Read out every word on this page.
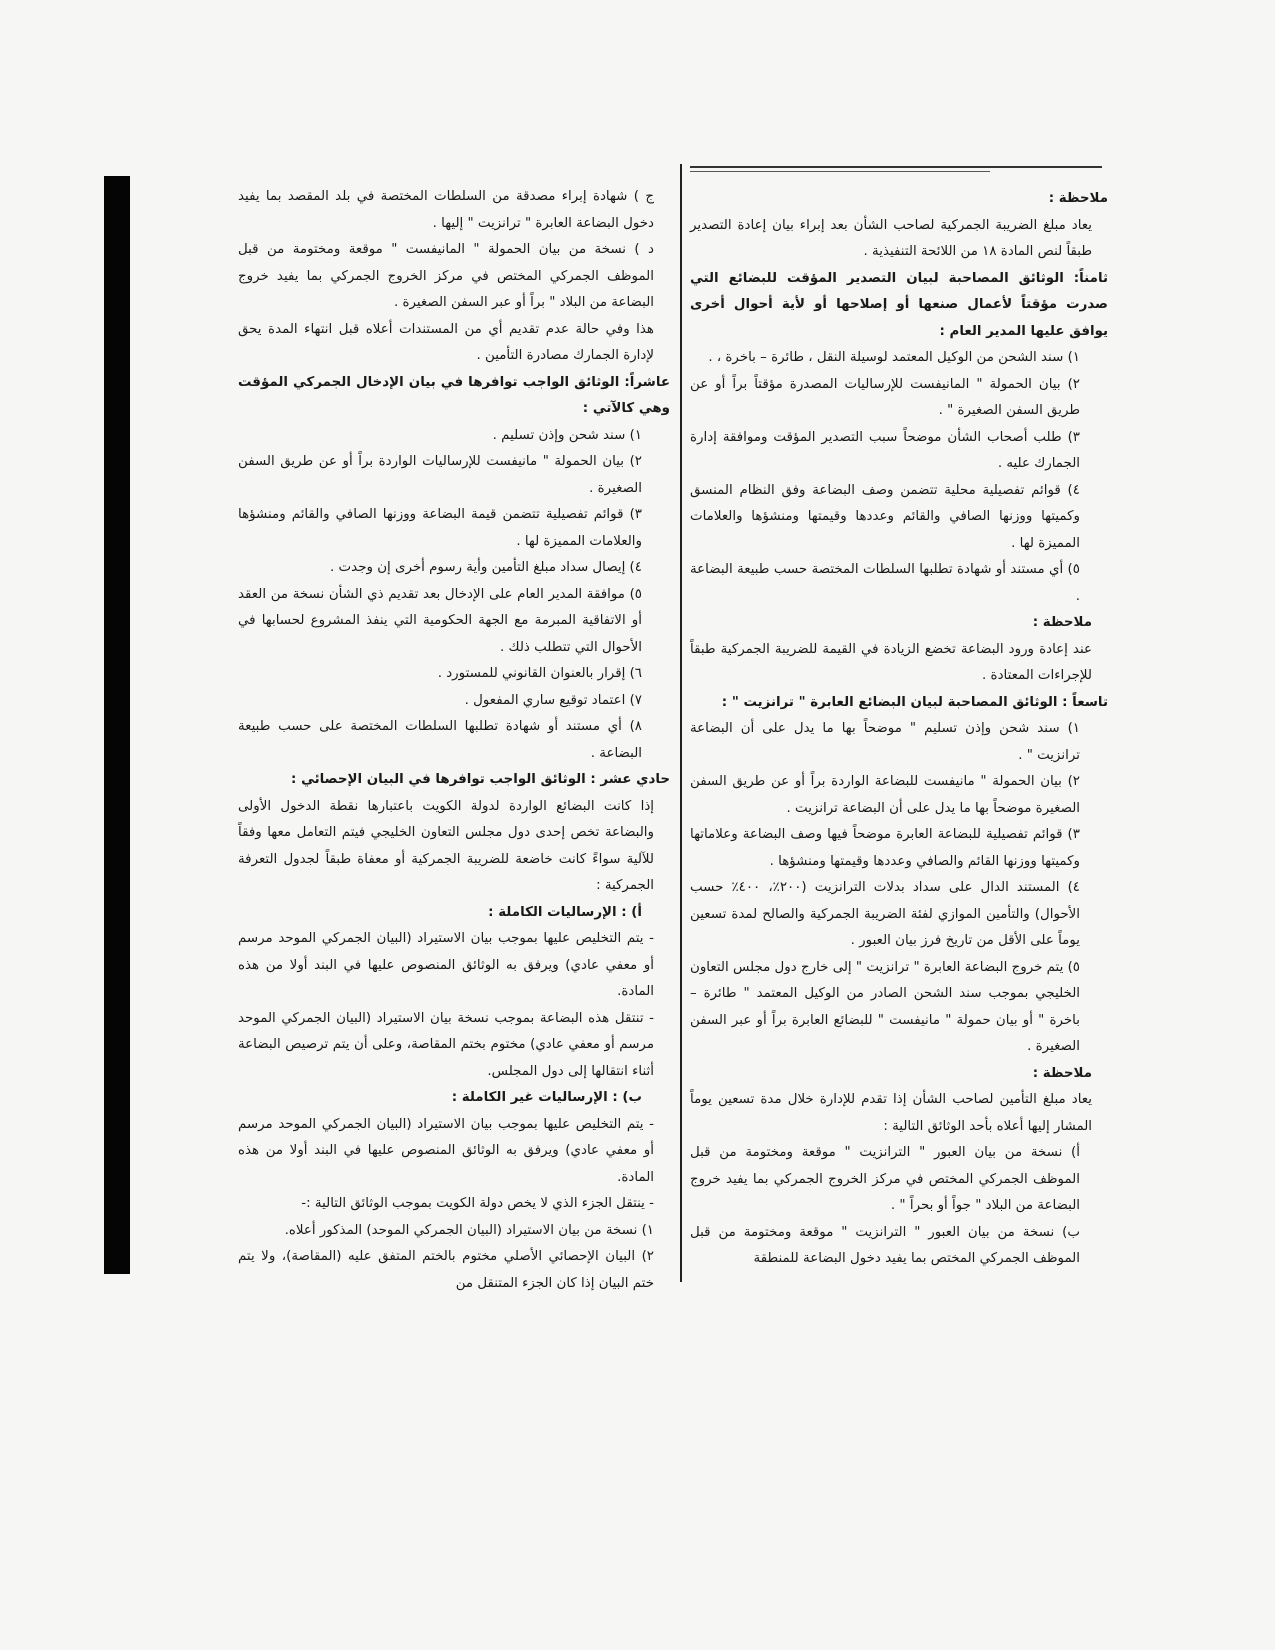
ملاحظة :

يعاد مبلغ الضريبة الجمركية لصاحب الشأن بعد إبراء بيان إعادة التصدير طبقاً لنص المادة ١٨ من اللائحة التنفيذية .

ثامناً: الوثائق المصاحبة لبيان التصدير المؤقت للبضائع التي صدرت مؤقتاً لأعمال صنعها أو إصلاحها أو لأية أحوال أخرى يوافق عليها المدير العام :

١) سند الشحن من الوكيل المعتمد لوسيلة النقل ، طائرة – باخرة ، .

٢) بيان الحمولة " المانيفست للإرساليات المصدرة مؤقتاً براً أو عن طريق السفن الصغيرة " .

٣) طلب أصحاب الشأن موضحاً سبب التصدير المؤقت وموافقة إدارة الجمارك عليه .

٤) قوائم تفصيلية محلية تتضمن وصف البضاعة وفق النظام المنسق وكميتها ووزنها الصافي والقائم وعددها وقيمتها ومنشؤها والعلامات المميزة لها .

٥) أي مستند أو شهادة تطلبها السلطات المختصة حسب طبيعة البضاعة .

ملاحظة :

عند إعادة ورود البضاعة تخضع الزيادة في القيمة للضريبة الجمركية طبقاً للإجراءات المعتادة .

تاسعاً : الوثائق المصاحبة لبيان البضائع العابرة " ترانزيت " :

١) سند شحن وإذن تسليم " موضحاً بها ما يدل على أن البضاعة ترانزيت " .

٢) بيان الحمولة " مانيفست للبضاعة الواردة براً أو عن طريق السفن الصغيرة موضحاً بها ما يدل على أن البضاعة ترانزيت .

٣) قوائم تفصيلية للبضاعة العابرة موضحاً فيها وصف البضاعة وعلاماتها وكميتها ووزنها القائم والصافي وعددها وقيمتها ومنشؤها .

٤) المستند الدال على سداد بدلات الترانزيت (٢٠٠٪، ٤٠٠٪ حسب الأحوال) والتأمين الموازي لفئة الضريبة الجمركية والصالح لمدة تسعين يوماً على الأقل من تاريخ فرز بيان العبور .

٥) يتم خروج البضاعة العابرة " ترانزيت " إلى خارج دول مجلس التعاون الخليجي بموجب سند الشحن الصادر من الوكيل المعتمد " طائرة – باخرة " أو بيان حمولة " مانيفست " للبضائع العابرة براً أو عبر السفن الصغيرة .

ملاحظة :

يعاد مبلغ التأمين لصاحب الشأن إذا تقدم للإدارة خلال مدة تسعين يوماً المشار إليها أعلاه بأحد الوثائق التالية :

أ) نسخة من بيان العبور " الترانزيت " موقعة ومختومة من قبل الموظف الجمركي المختص في مركز الخروج الجمركي بما يفيد خروج البضاعة من البلاد " جواً أو بحراً " .

ب) نسخة من بيان العبور " الترانزيت " موقعة ومختومة من قبل الموظف الجمركي المختص بما يفيد دخول البضاعة للمنطقة

ج ) شهادة إبراء مصدقة من السلطات المختصة في بلد المقصد بما يفيد دخول البضاعة العابرة " ترانزيت " إليها .

د ) نسخة من بيان الحمولة " المانيفست " موقعة ومختومة من قبل الموظف الجمركي المختص في مركز الخروج الجمركي بما يفيد خروج البضاعة من البلاد " براً أو عبر السفن الصغيرة .

هذا وفي حالة عدم تقديم أي من المستندات أعلاه قبل انتهاء المدة يحق لإدارة الجمارك مصادرة التأمين .

عاشراً: الوثائق الواجب توافرها في بيان الإدخال الجمركي المؤقت وهي كالآتي :

١) سند شحن وإذن تسليم .

٢) بيان الحمولة " مانيفست للإرساليات الواردة براً أو عن طريق السفن الصغيرة .

٣) قوائم تفصيلية تتضمن قيمة البضاعة ووزنها الصافي والقائم ومنشؤها والعلامات المميزة لها .

٤) إيصال سداد مبلغ التأمين وأية رسوم أخرى إن وجدت .

٥) موافقة المدير العام على الإدخال بعد تقديم ذي الشأن نسخة من العقد أو الاتفاقية المبرمة مع الجهة الحكومية التي ينفذ المشروع لحسابها في الأحوال التي تتطلب ذلك .

٦) إقرار بالعنوان القانوني للمستورد .

٧) اعتماد توقيع ساري المفعول .

٨) أي مستند أو شهادة تطلبها السلطات المختصة على حسب طبيعة البضاعة .

حادي عشر : الوثائق الواجب توافرها في البيان الإحصائي :

إذا كانت البضائع الواردة لدولة الكويت باعتبارها نقطة الدخول الأولى والبضاعة تخص إحدى دول مجلس التعاون الخليجي فيتم التعامل معها وفقاً للآلية سواءً كانت خاضعة للضريبة الجمركية أو معفاة طبقاً لجدول التعرفة الجمركية :

أ) : الإرساليات الكاملة :

- يتم التخليص عليها بموجب بيان الاستيراد (البيان الجمركي الموحد مرسم أو معفي عادي) ويرفق به الوثائق المنصوص عليها في البند أولا من هذه المادة.

- تنتقل هذه البضاعة بموجب نسخة بيان الاستيراد (البيان الجمركي الموحد مرسم أو معفي عادي) مختوم بختم المقاصة، وعلى أن يتم ترصيص البضاعة أثناء انتقالها إلى دول المجلس.

ب) : الإرساليات غير الكاملة :

- يتم التخليص عليها بموجب بيان الاستيراد (البيان الجمركي الموحد مرسم أو معفي عادي) ويرفق به الوثائق المنصوص عليها في البند أولا من هذه المادة.

- ينتقل الجزء الذي لا يخص دولة الكويت بموجب الوثائق التالية :-

١) نسخة من بيان الاستيراد (البيان الجمركي الموحد) المذكور أعلاه.

٢) البيان الإحصائي الأصلي مختوم بالختم المتفق عليه (المقاصة)، ولا يتم ختم البيان إذا كان الجزء المتنقل من
